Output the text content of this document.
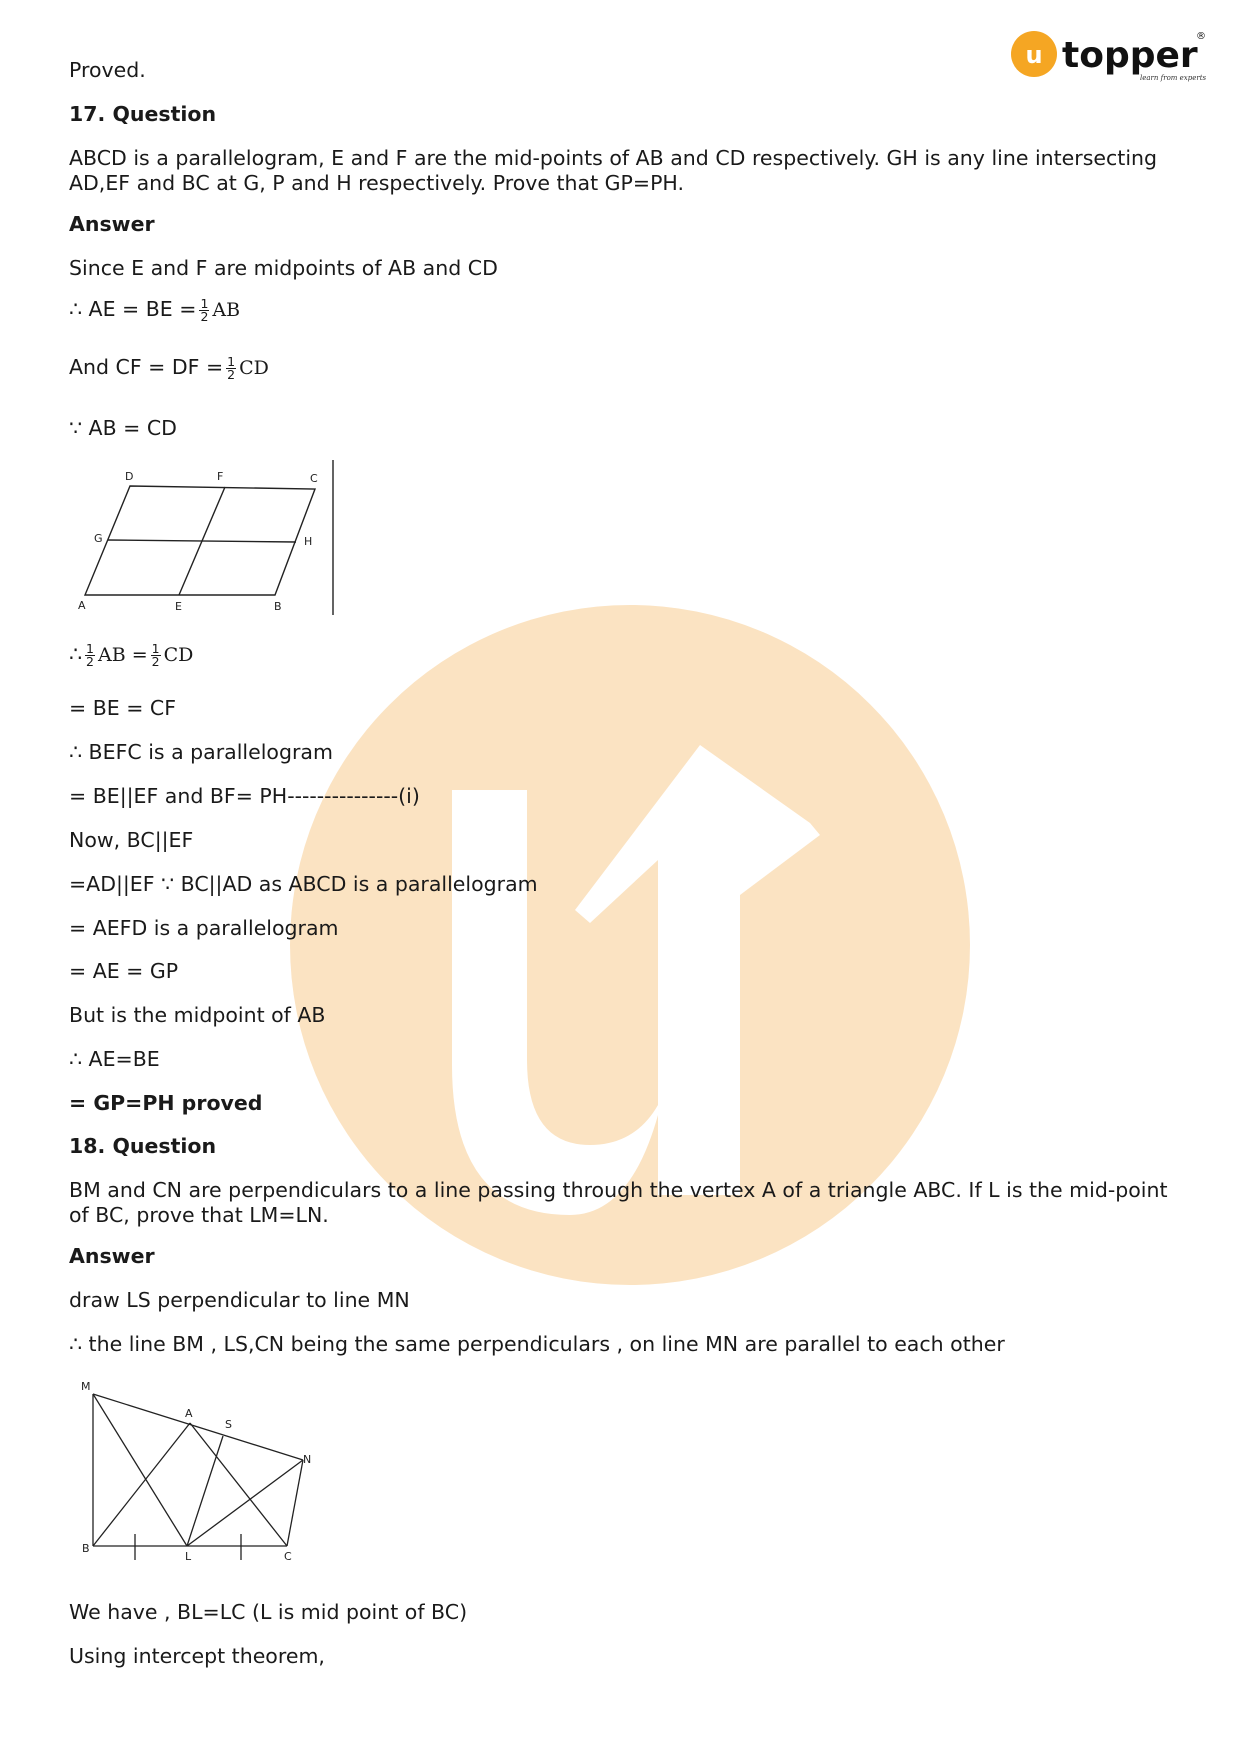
u topper
®
learn from experts
Proved.
17. Question
ABCD is a parallelogram, E and F are the mid-points of AB and CD respectively. GH is any line intersecting AD,EF and BC at G, P and H respectively. Prove that GP=PH.
Answer
Since E and F are midpoints of AB and CD
∴ AE = BE = $\frac{1}{2}$ AB
And CF = DF = $\frac{1}{2}$ CD
∵ AB = CD
∴ $\frac{1}{2}$ AB = $\frac{1}{2}$ CD
= BE = CF
∴ BEFC is a parallelogram
= BE||EF and BF= PH---------------(i)
Now, BC||EF
=AD||EF ∵ BC||AD as ABCD is a parallelogram
= AEFD is a parallelogram
= AE = GP
But is the midpoint of AB
∴ AE=BE
= GP=PH proved
18. Question
BM and CN are perpendiculars to a line passing through the vertex A of a triangle ABC. If L is the mid-point of BC, prove that LM=LN.
Answer
draw LS perpendicular to line MN
∴ the line BM , LS,CN being the same perpendiculars , on line MN are parallel to each other
We have , BL=LC (L is mid point of BC)
Using intercept theorem,
D	F	C
G	H
A	E	B
M
A
S
N
B
L	C
